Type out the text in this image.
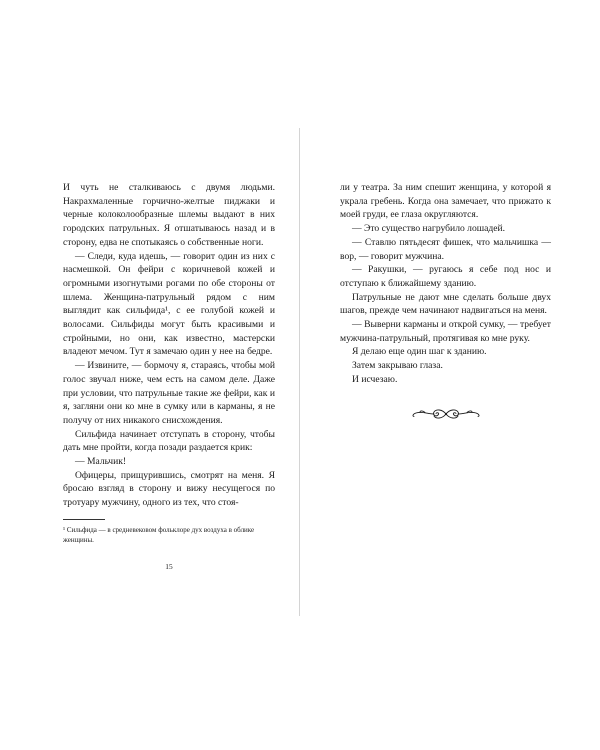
И чуть не сталкиваюсь с двумя людьми. Накрахмаленные горчично-желтые пиджаки и черные колоколообразные шлемы выдают в них городских патрульных. Я отшатываюсь назад и в сторону, едва не спотыкаясь о собственные ноги.

— Следи, куда идешь, — говорит один из них с насмешкой. Он фейри с коричневой кожей и огромными изогнутыми рогами по обе стороны от шлема. Женщина-патрульный рядом с ним выглядит как сильфида¹, с ее голубой кожей и волосами. Сильфиды могут быть красивыми и стройными, но они, как известно, мастерски владеют мечом. Тут я замечаю один у нее на бедре.

— Извините, — бормочу я, стараясь, чтобы мой голос звучал ниже, чем есть на самом деле. Даже при условии, что патрульные такие же фейри, как и я, загляни они ко мне в сумку или в карманы, я не получу от них никакого снисхождения.

Сильфида начинает отступать в сторону, чтобы дать мне пройти, когда позади раздается крик:

— Мальчик!

Офицеры, прищурившись, смотрят на меня. Я бросаю взгляд в сторону и вижу несущегося по тротуару мужчину, одного из тех, что стоя-

¹ Сильфида — в средневековом фольклоре дух воздуха в облике женщины.

15

ли у театра. За ним спешит женщина, у которой я украла гребень. Когда она замечает, что прижато к моей груди, ее глаза округляются.

— Это существо нагрубило лошадей.

— Ставлю пятьдесят фишек, что мальчишка — вор, — говорит мужчина.

— Ракушки, — ругаюсь я себе под нос и отступаю к ближайшему зданию.

Патрульные не дают мне сделать больше двух шагов, прежде чем начинают надвигаться на меня.

— Выверни карманы и открой сумку, — требует мужчина-патрульный, протягивая ко мне руку.

Я делаю еще один шаг к зданию.

Затем закрываю глаза.

И исчезаю.
